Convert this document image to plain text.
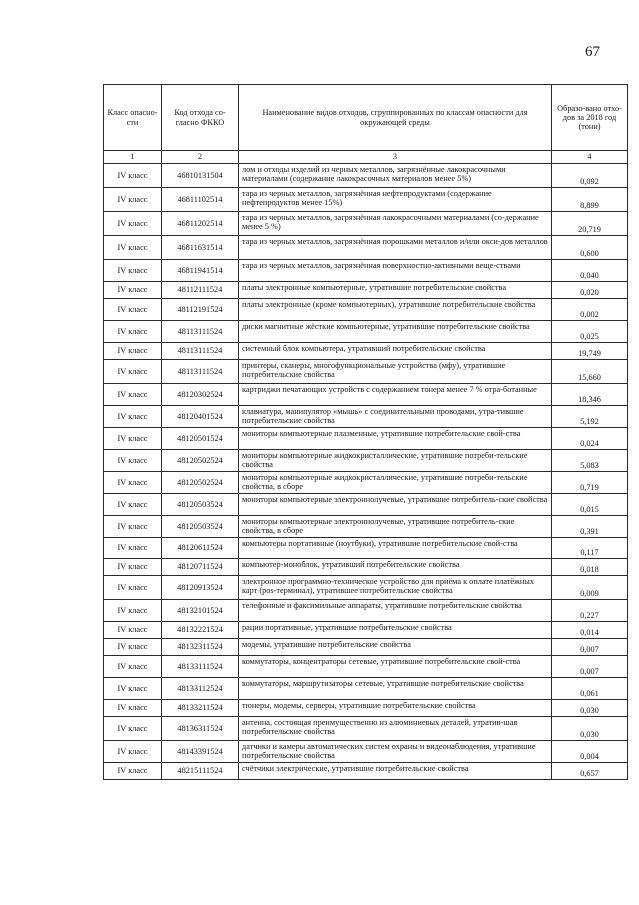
67
Класс опасно-сти	Код отхода со-гласно ФККО	Наименование видов отходов, сгруппированных по классам опасности для окружающей среды	Образо-вано отхо-дов за 2018 год (тонн)
1	2	3	4
IV класс	46810131504	лом и отходы изделий из черных металлов, загрязнённые лакокрасочными материалами (содержание лакокрасочных материалов менее 5%)	0,092
IV класс	46811102514	тара из черных металлов, загрязнённая нефтепродуктами (содержание нефтепродуктов менее 15%)	8,899
IV класс	46811202514	тара из черных металлов, загрязнённая лакокрасочными материалами (со-держание менее 5 %)	20,719
IV класс	46811631514	тара из черных металлов, загрязнённая порошками металлов и/или окси-дов металлов	0,600
IV класс	46811941514	тара из черных металлов, загрязнённая поверхностно-активными веще-ствами	0,040
IV класс	48112111524	платы электронные компьютерные, утратившие потребительские свойства	0,020
IV класс	48112191524	платы электронные (кроме компьютерных), утратившие потребительские свойства	0,002
IV класс	48113111524	диски магнитные жёсткие компьютерные, утратившие потребительские свойства	0,025
IV класс	48113111524	системный блок компьютера, утративший потребительские свойства	19,749
IV класс	48113111524	принтеры, сканеры, многофункциональные устройства (мфу), утратившие потребительские свойства	15,660
IV класс	48120302524	картриджи печатающих устройств с содержанием тонера менее 7 % отра-ботанные	18,346
IV класс	48120401524	клавиатура, манипулятор «мышь» с соединительными проводами, утра-тившие потребительские свойства	5,192
IV класс	48120501524	мониторы компьютерные плазменные, утратившие потребительские свой-ства	0,024
IV класс	48120502524	мониторы компьютерные жидкокристаллические, утратившие потреби-тельские свойства	5,083
IV класс	48120502524	мониторы компьютерные жидкокристаллические, утратившие потреби-тельские свойства, в сборе	0,719
IV класс	48120503524	мониторы компьютерные электроннолучевые, утратившие потребитель-ские свойства	0,015
IV класс	48120503524	мониторы компьютерные электроннолучевые, утратившие потребитель-ские свойства, в сборе	0,391
IV класс	48120611524	компьютеры портативные (ноутбуки), утратившие потребительские свой-ства	0,117
IV класс	48120711524	компьютер-моноблок, утративший потребительские свойства	0,018
IV класс	48120913524	электронное программно-техническое устройство для приёма к оплате платёжных карт (pos-терминал), утратившее потребительские свойства	0,009
IV класс	48132101524	телефонные и факсимильные аппараты, утратившие потребительские свойства	0,227
IV класс	48132221524	рации портативные, утратившие потребительские свойства	0,014
IV класс	48132311524	модемы, утратившие потребительские свойства	0,007
IV класс	48133111524	коммутаторы, концентраторы сетевые, утратившие потребительские свой-ства	0,007
IV класс	48133112524	коммутаторы, маршрутизаторы сетевые, утратившие потребительские свойства	0,061
IV класс	48133211524	тюнеры, модемы, серверы, утратившие потребительские свойства	0,030
IV класс	48136311524	антенна, состоящая преимущественно из алюминиевых деталей, утратив-шая потребительские свойства	0,030
IV класс	48143391524	датчики и камеры автоматических систем охраны и видеонаблюдения, утратившие потребительские свойства	0,004
IV класс	48215111524	счётчики электрические, утратившие потребительские свойства	0,657
